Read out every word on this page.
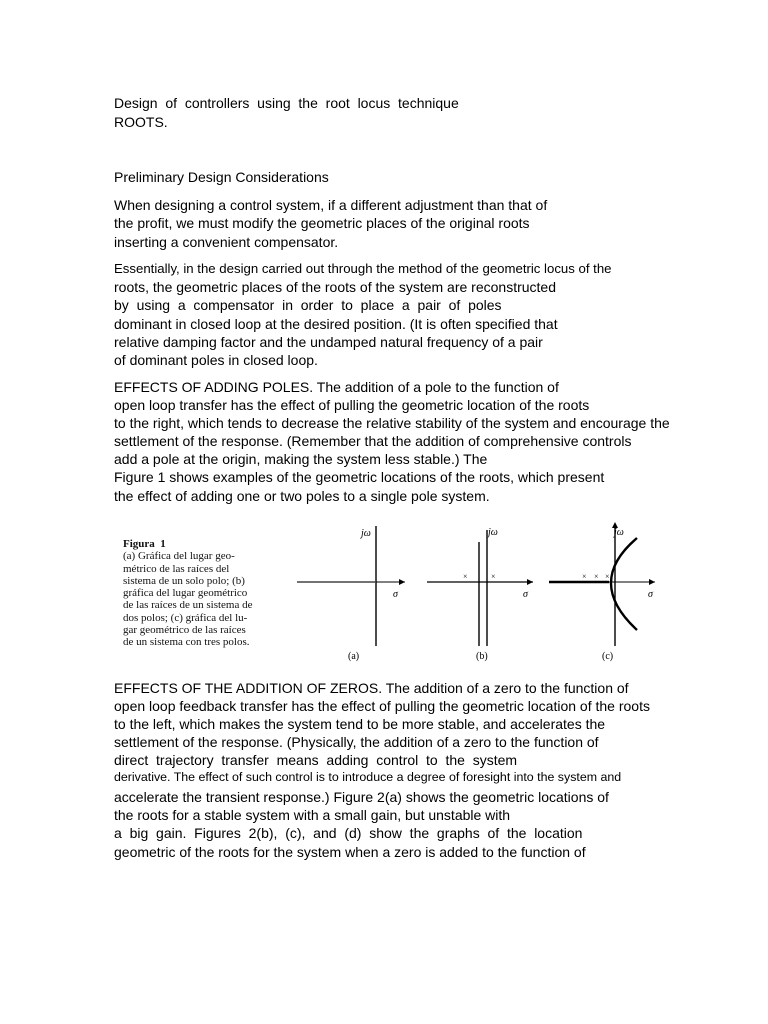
Design  of  controllers  using  the  root  locus  technique
ROOTS.
Preliminary Design Considerations
When designing a control system, if a different adjustment than that of
the profit, we must modify the geometric places of the original roots
inserting a convenient compensator.
Essentially, in the design carried out through the method of the geometric locus of the
roots, the geometric places of the roots of the system are reconstructed
by  using  a  compensator  in  order  to  place  a  pair  of  poles
dominant in closed loop at the desired position. (It is often specified that
relative damping factor and the undamped natural frequency of a pair
of dominant poles in closed loop.
EFFECTS OF ADDING POLES. The addition of a pole to the function of
open loop transfer has the effect of pulling the geometric location of the roots
to the right, which tends to decrease the relative stability of the system and encourage the
settlement of the response. (Remember that the addition of comprehensive controls
add a pole at the origin, making the system less stable.) The
Figure 1 shows examples of the geometric locations of the roots, which present
the effect of adding one or two poles to a single pole system.
Figura  1
(a) Gráfica del lugar geo-
métrico de las raíces del
sistema de un solo polo; (b)
gráfica del lugar geométrico
de las raíces de un sistema de
dos polos; (c) gráfica del lu-
gar geométrico de las raíces
de un sistema con tres polos.
jω
σ
(a)
×	×
jω
σ
(b)
× × ×
jω
σ
(c)
EFFECTS OF THE ADDITION OF ZEROS. The addition of a zero to the function of
open loop feedback transfer has the effect of pulling the geometric location of the roots
to the left, which makes the system tend to be more stable, and accelerates the
settlement of the response. (Physically, the addition of a zero to the function of
direct  trajectory  transfer  means  adding  control  to  the  system
derivative. The effect of such control is to introduce a degree of foresight into the system and
accelerate the transient response.) Figure 2(a) shows the geometric locations of
the roots for a stable system with a small gain, but unstable with
a  big  gain.  Figures  2(b),  (c),  and  (d)  show  the  graphs  of  the  location
geometric of the roots for the system when a zero is added to the function of
